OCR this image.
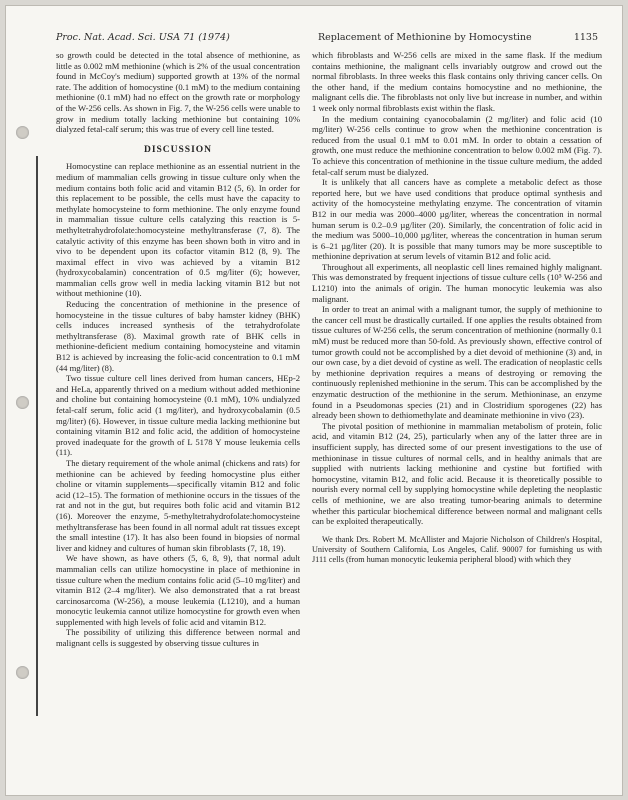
Proc. Nat. Acad. Sci. USA 71 (1974)	Replacement of Methionine by Homocystine	1135

so growth could be detected in the total absence of methionine, as little as 0.002 mM methionine (which is 2% of the usual concentration found in McCoy's medium) supported growth at 13% of the normal rate. The addition of homocystine (0.1 mM) to the medium containing methionine (0.1 mM) had no effect on the growth rate or morphology of the W-256 cells. As shown in Fig. 7, the W-256 cells were unable to grow in medium totally lacking methionine but containing 10% dialyzed fetal-calf serum; this was true of every cell line tested.

DISCUSSION

Homocystine can replace methionine as an essential nutrient in the medium of mammalian cells growing in tissue culture only when the medium contains both folic acid and vitamin B12 (5, 6). In order for this replacement to be possible, the cells must have the capacity to methylate homocysteine to form methionine. The only enzyme found in mammalian tissue culture cells catalyzing this reaction is 5-methyltetrahydrofolate:homocysteine methyltransferase (7, 8). The catalytic activity of this enzyme has been shown both in vitro and in vivo to be dependent upon its cofactor vitamin B12 (8, 9). The maximal effect in vivo was achieved by a vitamin B12 (hydroxycobalamin) concentration of 0.5 mg/liter (6); however, mammalian cells grow well in media lacking vitamin B12 but not without methionine (10).

Reducing the concentration of methionine in the presence of homocysteine in the tissue cultures of baby hamster kidney (BHK) cells induces increased synthesis of the tetrahydrofolate methyltransferase (8). Maximal growth rate of BHK cells in methionine-deficient medium containing homocysteine and vitamin B12 is achieved by increasing the folic-acid concentration to 0.1 mM (44 mg/liter) (8).

Two tissue culture cell lines derived from human cancers, HEp-2 and HeLa, apparently thrived on a medium without added methionine and choline but containing homocysteine (0.1 mM), 10% undialyzed fetal-calf serum, folic acid (1 mg/liter), and hydroxycobalamin (0.5 mg/liter) (6). However, in tissue culture media lacking methionine but containing vitamin B12 and folic acid, the addition of homocysteine proved inadequate for the growth of L 5178 Y mouse leukemia cells (11).

The dietary requirement of the whole animal (chickens and rats) for methionine can be achieved by feeding homocystine plus either choline or vitamin supplements—specifically vitamin B12 and folic acid (12–15). The formation of methionine occurs in the tissues of the rat and not in the gut, but requires both folic acid and vitamin B12 (16). Moreover the enzyme, 5-methyltetrahydrofolate:homocysteine methyltransferase has been found in all normal adult rat tissues except the small intestine (17). It has also been found in biopsies of normal liver and kidney and cultures of human skin fibroblasts (7, 18, 19).

We have shown, as have others (5, 6, 8, 9), that normal adult mammalian cells can utilize homocystine in place of methionine in tissue culture when the medium contains folic acid (5–10 mg/liter) and vitamin B12 (2–4 mg/liter). We also demonstrated that a rat breast carcinosarcoma (W-256), a mouse leukemia (L1210), and a human monocytic leukemia cannot utilize homocystine for growth even when supplemented with high levels of folic acid and vitamin B12.

The possibility of utilizing this difference between normal and malignant cells is suggested by observing tissue cultures in

which fibroblasts and W-256 cells are mixed in the same flask. If the medium contains methionine, the malignant cells invariably outgrow and crowd out the normal fibroblasts. In three weeks this flask contains only thriving cancer cells. On the other hand, if the medium contains homocystine and no methionine, the malignant cells die. The fibroblasts not only live but increase in number, and within 1 week only normal fibroblasts exist within the flask.

In the medium containing cyanocobalamin (2 mg/liter) and folic acid (10 mg/liter) W-256 cells continue to grow when the methionine concentration is reduced from the usual 0.1 mM to 0.01 mM. In order to obtain a cessation of growth, one must reduce the methionine concentration to below 0.002 mM (Fig. 7). To achieve this concentration of methionine in the tissue culture medium, the added fetal-calf serum must be dialyzed.

It is unlikely that all cancers have as complete a metabolic defect as those reported here, but we have used conditions that produce optimal synthesis and activity of the homocysteine methylating enzyme. The concentration of vitamin B12 in our media was 2000–4000 µg/liter, whereas the concentration in normal human serum is 0.2–0.9 µg/liter (20). Similarly, the concentration of folic acid in the medium was 5000–10,000 µg/liter, whereas the concentration in human serum is 6–21 µg/liter (20). It is possible that many tumors may be more susceptible to methionine deprivation at serum levels of vitamin B12 and folic acid.

Throughout all experiments, all neoplastic cell lines remained highly malignant. This was demonstrated by frequent injections of tissue culture cells (10⁵ W-256 and L1210) into the animals of origin. The human monocytic leukemia was also malignant.

In order to treat an animal with a malignant tumor, the supply of methionine to the cancer cell must be drastically curtailed. If one applies the results obtained from tissue cultures of W-256 cells, the serum concentration of methionine (normally 0.1 mM) must be reduced more than 50-fold. As previously shown, effective control of tumor growth could not be accomplished by a diet devoid of methionine (3) and, in our own case, by a diet devoid of cystine as well. The eradication of neoplastic cells by methionine deprivation requires a means of destroying or removing the continuously replenished methionine in the serum. This can be accomplished by the enzymatic destruction of the methionine in the serum. Methioninase, an enzyme found in a Pseudomonas species (21) and in Clostridium sporogenes (22) has already been shown to dethiomethylate and deaminate methionine in vivo (23).

The pivotal position of methionine in mammalian metabolism of protein, folic acid, and vitamin B12 (24, 25), particularly when any of the latter three are in insufficient supply, has directed some of our present investigations to the use of methioninase in tissue cultures of normal cells, and in healthy animals that are supplied with nutrients lacking methionine and cystine but fortified with homocystine, vitamin B12, and folic acid. Because it is theoretically possible to nourish every normal cell by supplying homocystine while depleting the neoplastic cells of methionine, we are also treating tumor-bearing animals to determine whether this particular biochemical difference between normal and malignant cells can be exploited therapeutically.

We thank Drs. Robert M. McAllister and Majorie Nicholson of Children's Hospital, University of Southern California, Los Angeles, Calif. 90007 for furnishing us with J111 cells (from human monocytic leukemia peripheral blood) with which they
